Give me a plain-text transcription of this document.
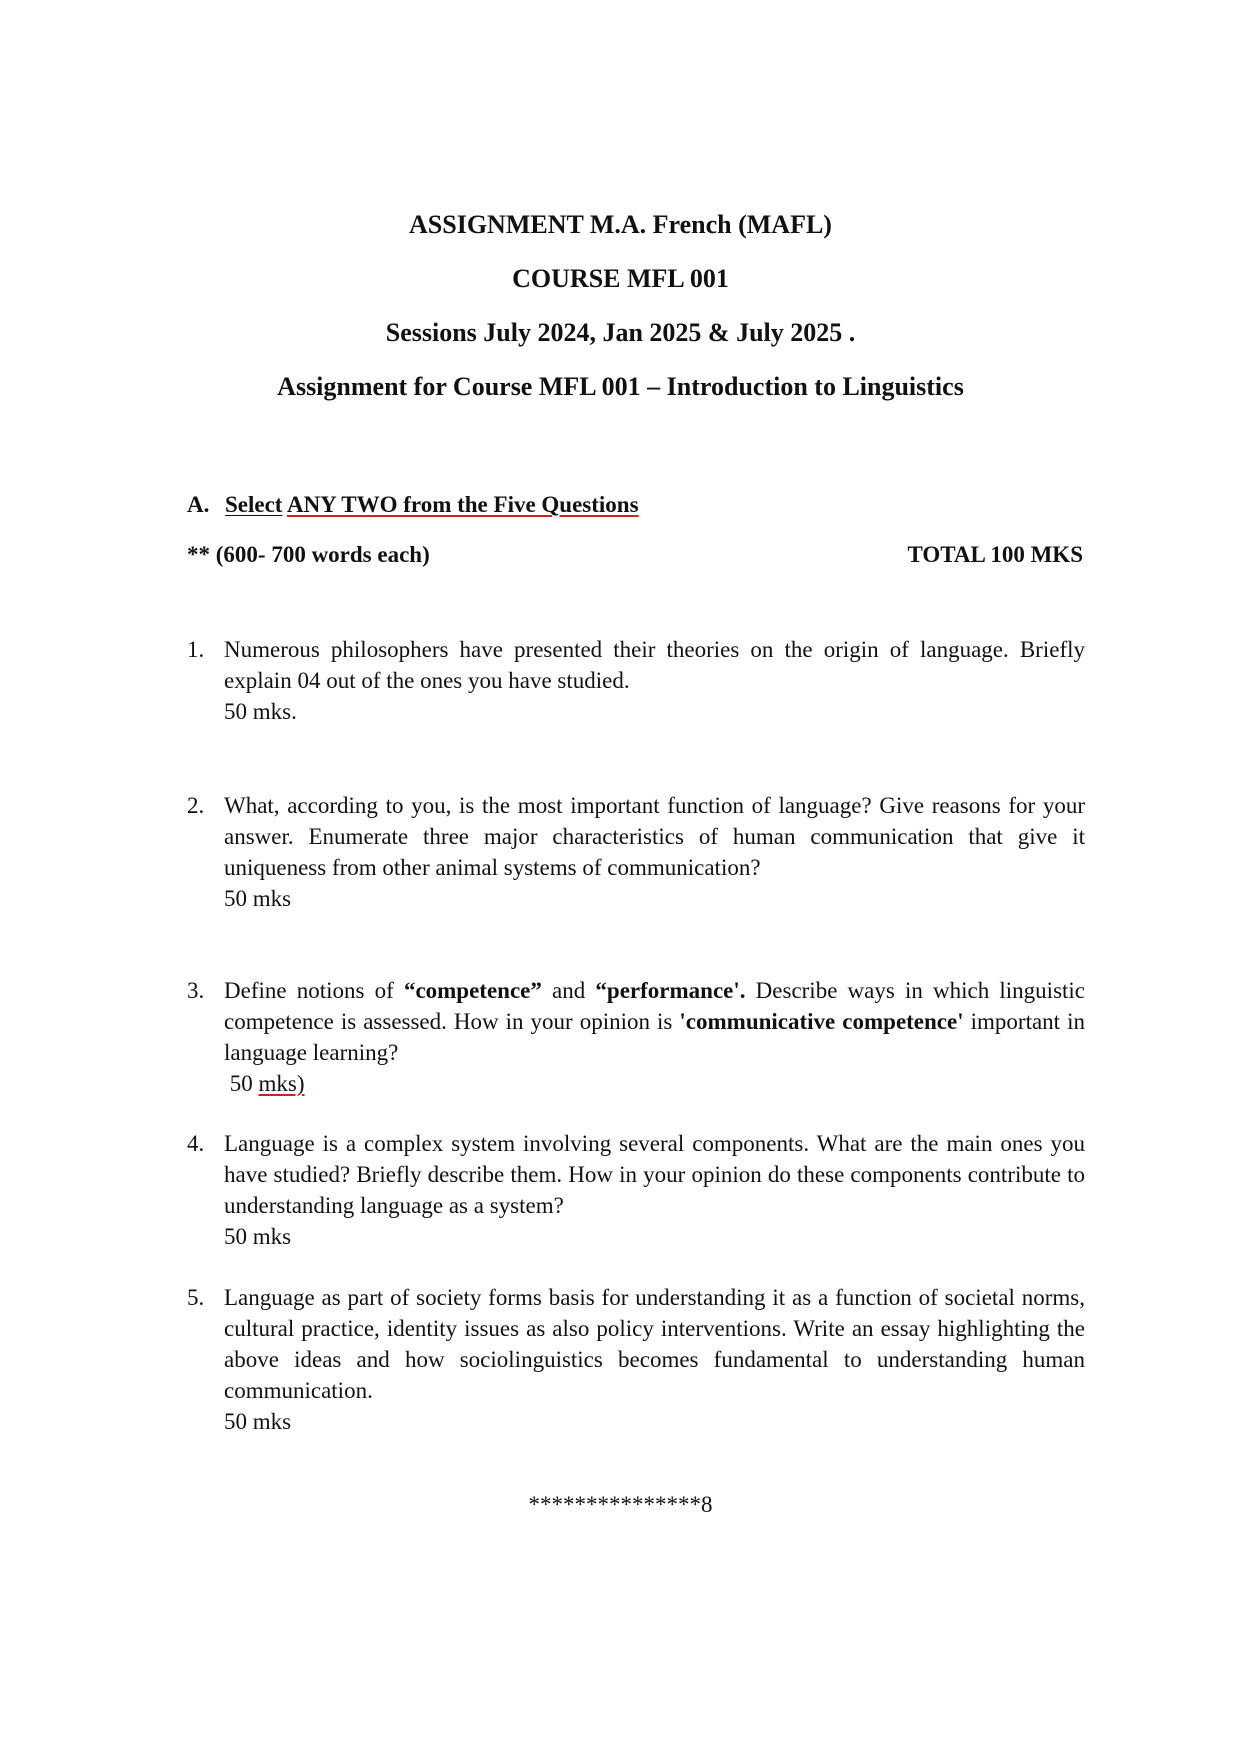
ASSIGNMENT M.A. French (MAFL)
COURSE MFL 001
Sessions July 2024, Jan 2025 & July 2025 .
Assignment for Course MFL 001 – Introduction to Linguistics
A. Select ANY TWO from the Five Questions
** (600- 700 words each)	TOTAL 100 MKS
1. Numerous philosophers have presented their theories on the origin of language. Briefly explain 04 out of the ones you have studied.
50 mks.
2. What, according to you, is the most important function of language? Give reasons for your answer. Enumerate three major characteristics of human communication that give it uniqueness from other animal systems of communication?
50 mks
3. Define notions of “competence” and “performance'. Describe ways in which linguistic competence is assessed. How in your opinion is 'communicative competence' important in language learning?
50 mks)
4. Language is a complex system involving several components. What are the main ones you have studied? Briefly describe them. How in your opinion do these components contribute to understanding language as a system?
50 mks
5. Language as part of society forms basis for understanding it as a function of societal norms, cultural practice, identity issues as also policy interventions. Write an essay highlighting the above ideas and how sociolinguistics becomes fundamental to understanding human communication.
50 mks
***************8
